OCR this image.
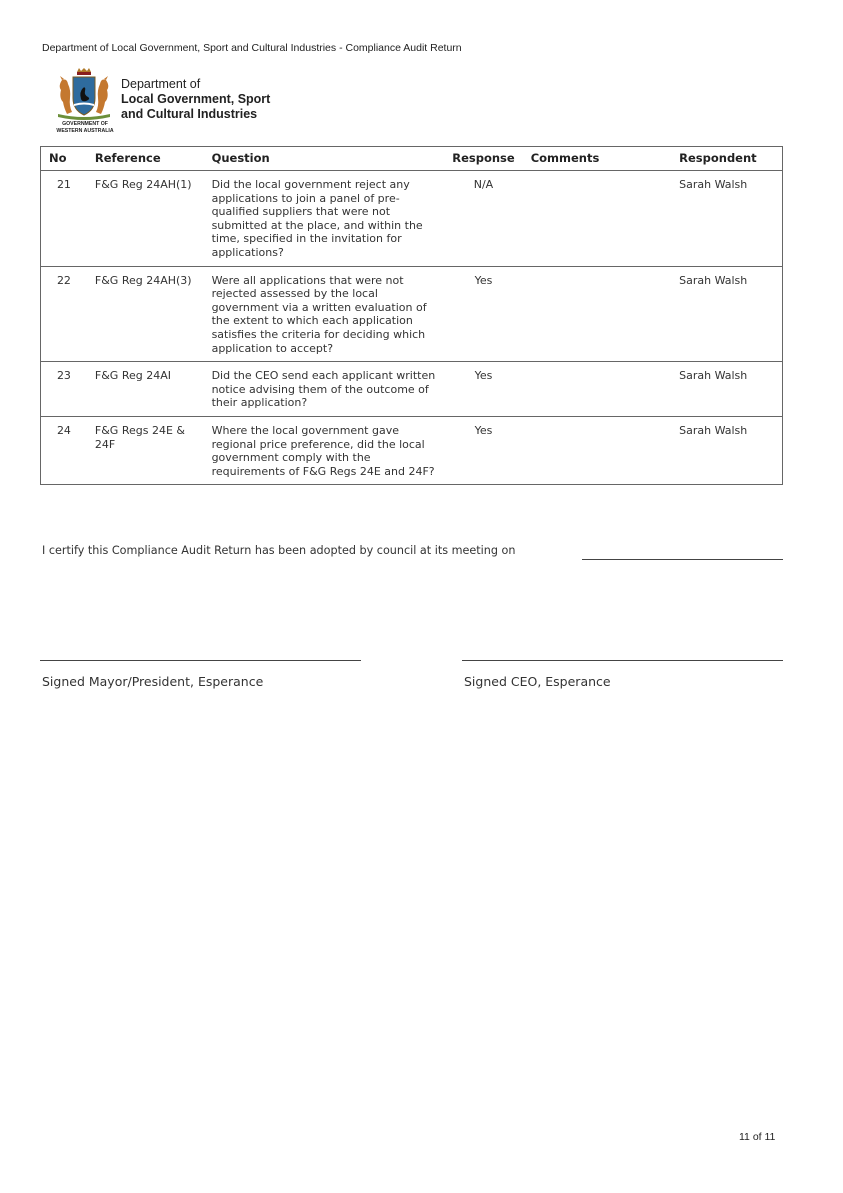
Department of Local Government, Sport and Cultural Industries - Compliance Audit Return
GOVERNMENT OF
WESTERN AUSTRALIA
Department of
Local Government, Sport
and Cultural Industries
No	Reference	Question	Response	Comments	Respondent
21	F&G Reg 24AH(1)	Did the local government reject any applications to join a panel of pre-qualified suppliers that were not submitted at the place, and within the time, specified in the invitation for applications?	N/A		Sarah Walsh
22	F&G Reg 24AH(3)	Were all applications that were not rejected assessed by the local government via a written evaluation of the extent to which each application satisfies the criteria for deciding which application to accept?	Yes		Sarah Walsh
23	F&G Reg 24AI	Did the CEO send each applicant written notice advising them of the outcome of their application?	Yes		Sarah Walsh
24	F&G Regs 24E & 24F	Where the local government gave regional price preference, did the local government comply with the requirements of F&G Regs 24E and 24F?	Yes		Sarah Walsh
I certify this Compliance Audit Return has been adopted by council at its meeting on
Signed Mayor/President, Esperance	Signed CEO, Esperance
11 of 11
